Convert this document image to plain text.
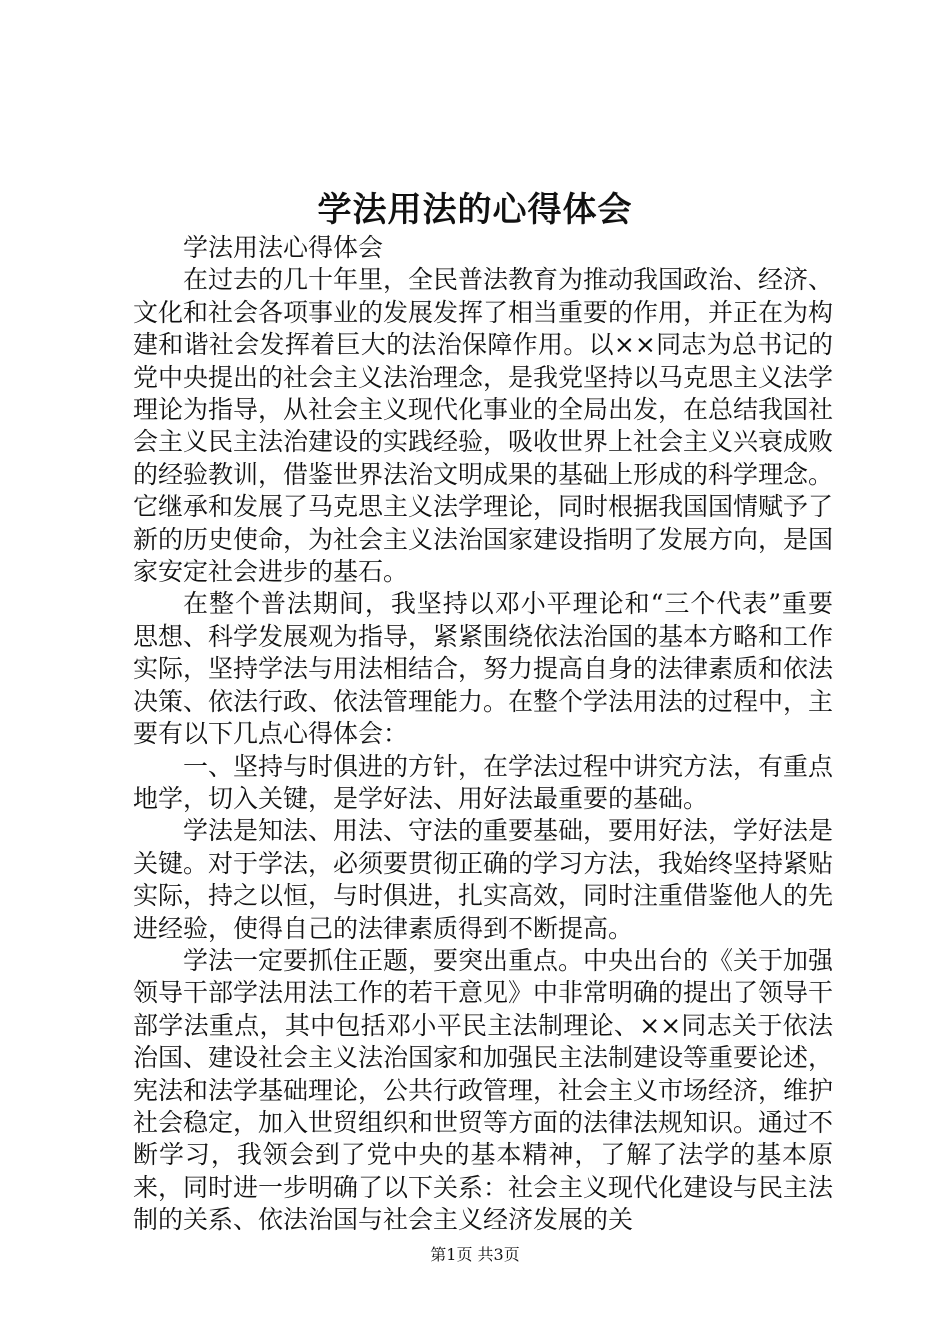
学法用法的心得体会

学法用法心得体会

在过去的几十年里，全民普法教育为推动我国政治、经济、文化和社会各项事业的发展发挥了相当重要的作用，并正在为构建和谐社会发挥着巨大的法治保障作用。以××同志为总书记的党中央提出的社会主义法治理念，是我党坚持以马克思主义法学理论为指导，从社会主义现代化事业的全局出发，在总结我国社会主义民主法治建设的实践经验，吸收世界上社会主义兴衰成败的经验教训，借鉴世界法治文明成果的基础上形成的科学理念。它继承和发展了马克思主义法学理论，同时根据我国国情赋予了新的历史使命，为社会主义法治国家建设指明了发展方向，是国家安定社会进步的基石。

在整个普法期间，我坚持以邓小平理论和“三个代表”重要思想、科学发展观为指导，紧紧围绕依法治国的基本方略和工作实际，坚持学法与用法相结合，努力提高自身的法律素质和依法决策、依法行政、依法管理能力。在整个学法用法的过程中，主要有以下几点心得体会：

一、坚持与时俱进的方针，在学法过程中讲究方法，有重点地学，切入关键，是学好法、用好法最重要的基础。

学法是知法、用法、守法的重要基础，要用好法，学好法是关键。对于学法，必须要贯彻正确的学习方法，我始终坚持紧贴实际，持之以恒，与时俱进，扎实高效，同时注重借鉴他人的先进经验，使得自己的法律素质得到不断提高。

学法一定要抓住正题，要突出重点。中央出台的《关于加强领导干部学法用法工作的若干意见》中非常明确的提出了领导干部学法重点，其中包括邓小平民主法制理论、××同志关于依法治国、建设社会主义法治国家和加强民主法制建设等重要论述，宪法和法学基础理论，公共行政管理，社会主义市场经济，维护社会稳定，加入世贸组织和世贸等方面的法律法规知识。通过不断学习，我领会到了党中央的基本精神，了解了法学的基本原来，同时进一步明确了以下关系：社会主义现代化建设与民主法制的关系、依法治国与社会主义经济发展的关

第1页 共3页
